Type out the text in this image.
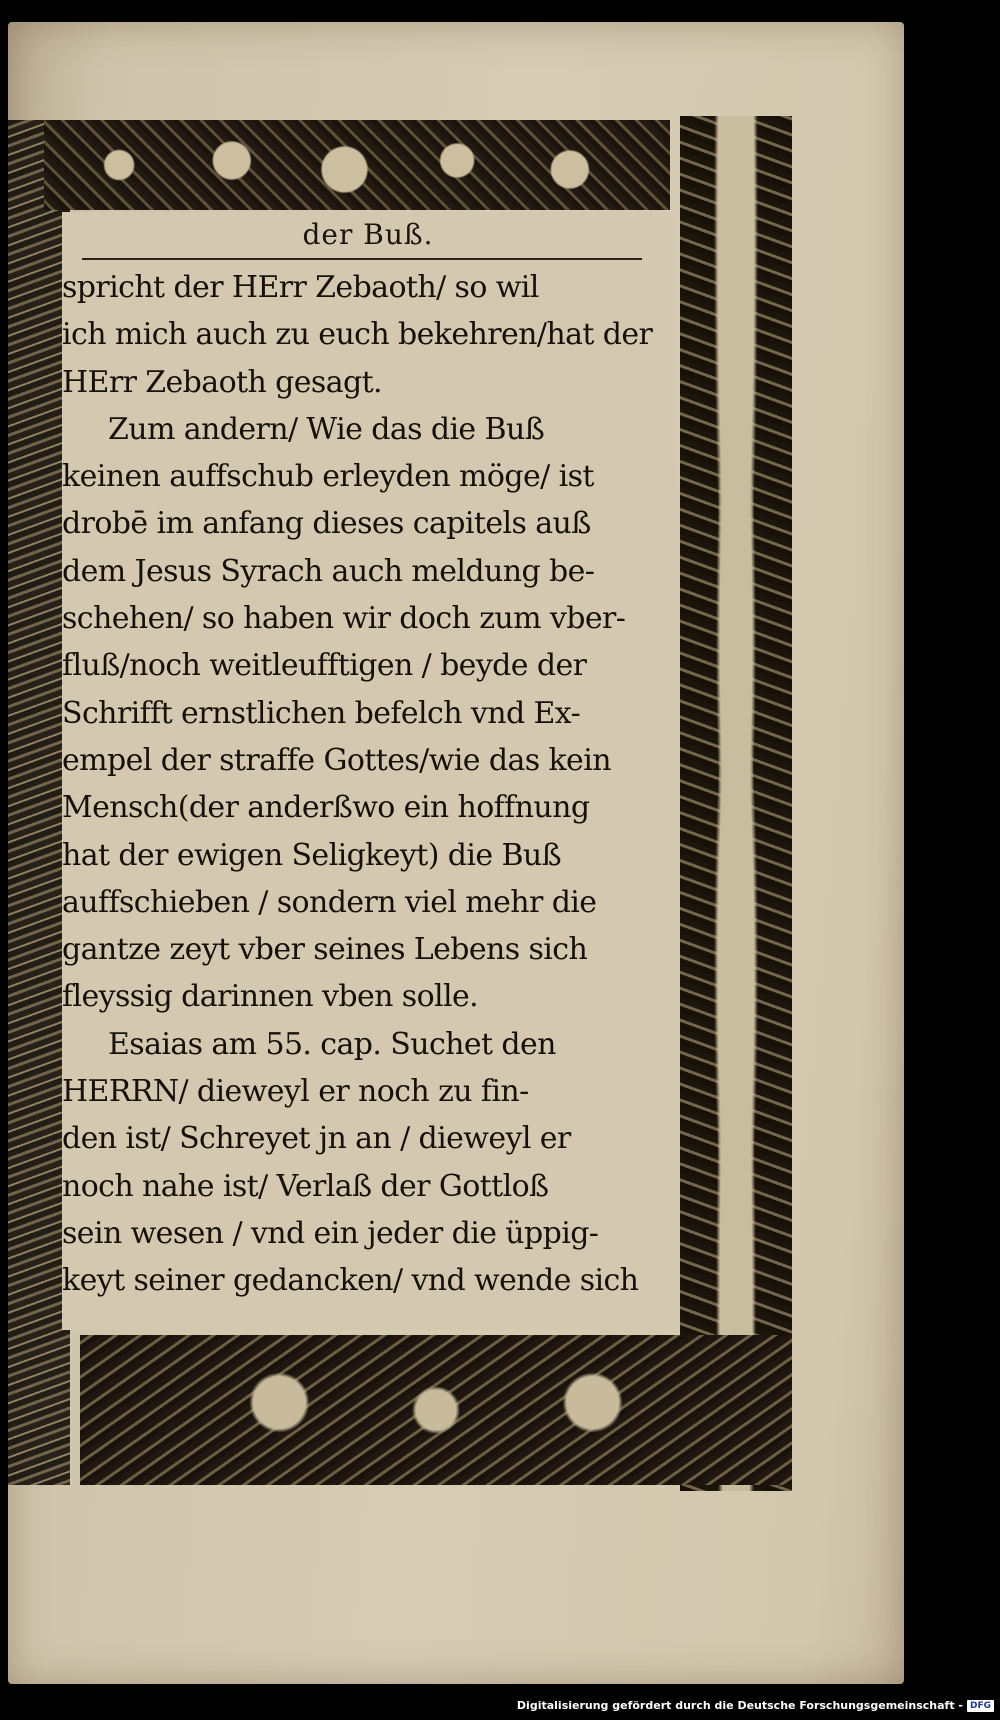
der Buß.
spricht der HErr Zebaoth/ so wil
ich mich auch zu euch bekehren/hat der
HErr Zebaoth gesagt.
Zum andern/ Wie das die Buß
keinen auffschub erleyden möge/ ist
drobē im anfang dieses capitels auß
dem Jesus Syrach auch meldung be-
schehen/ so haben wir doch zum vber-
fluß/noch weitleufftigen / beyde der
Schrifft ernstlichen befelch vnd Ex-
empel der straffe Gottes/wie das kein
Mensch(der anderßwo ein hoffnung
hat der ewigen Seligkeyt) die Buß
auffschieben / sondern viel mehr die
gantze zeyt vber seines Lebens sich
fleyssig darinnen vben solle.
Esaias am 55. cap. Suchet den
HERRN/ dieweyl er noch zu fin-
den ist/ Schreyet jn an / dieweyl er
noch nahe ist/ Verlaß der Gottloß
sein wesen / vnd ein jeder die üppig-
keyt seiner gedancken/ vnd wende sich
Digitalisierung gefördert durch die Deutsche Forschungsgemeinschaft - DFG
